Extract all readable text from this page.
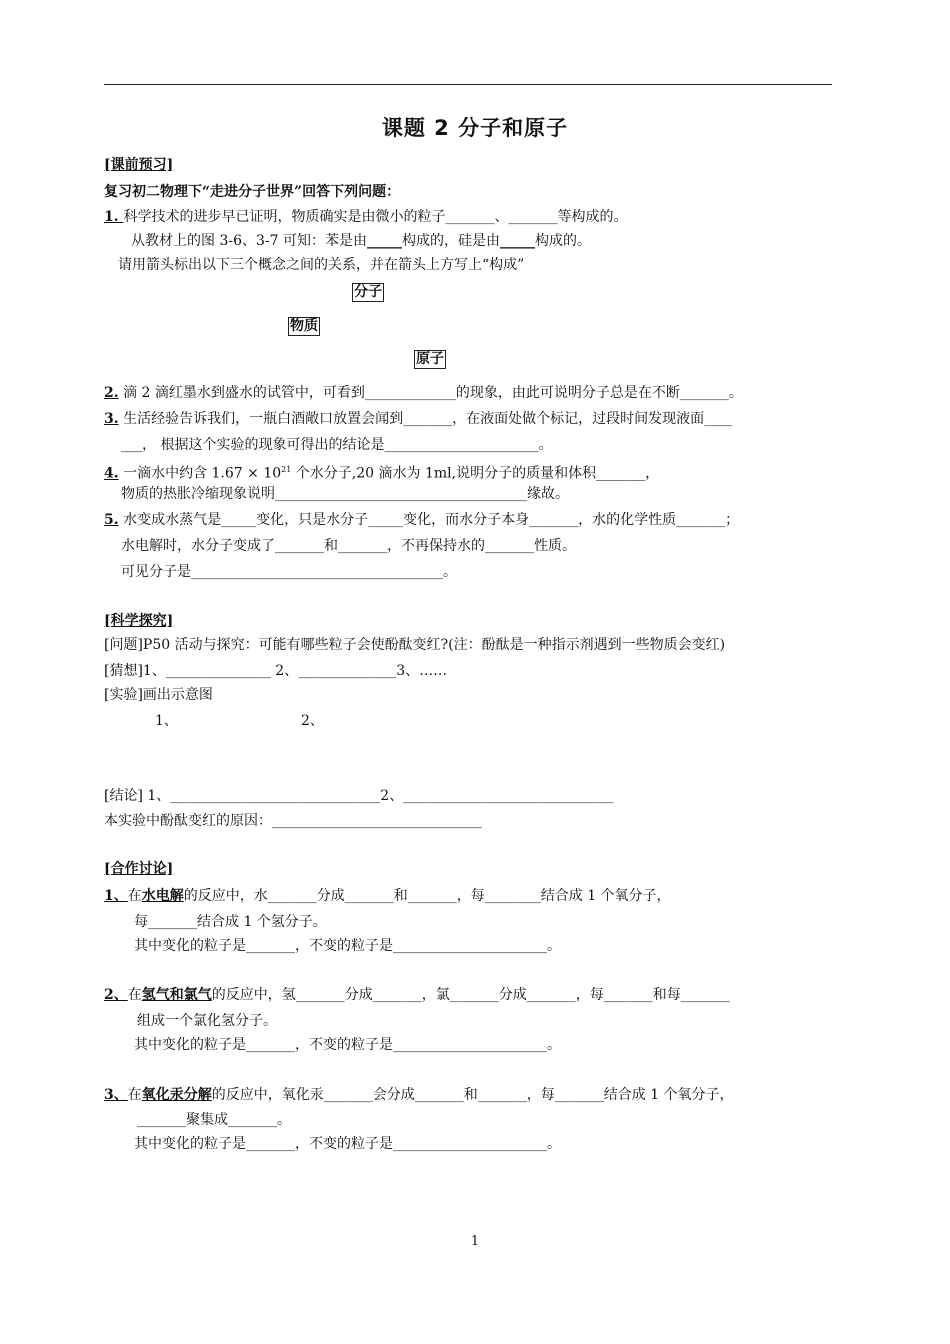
课题 2 分子和原子
[课前预习]
复习初二物理下“走进分子世界”回答下列问题：
1. 科学技术的进步早已证明，物质确实是由微小的粒子_______、_______等构成的。
从教材上的图 3-6、3-7 可知：苯是由_____构成的，硅是由_____构成的。
请用箭头标出以下三个概念之间的关系，并在箭头上方写上“构成”
分子
物质
原子
2. 滴 2 滴红墨水到盛水的试管中，可看到_____________的现象，由此可说明分子总是在不断_______。
3. 生活经验告诉我们，一瓶白酒敞口放置会闻到_______，在液面处做个标记，过段时间发现液面____
___， 根据这个实验的现象可得出的结论是______________________。
4. 一滴水中约含 $1.67 \times 10^{21}$ 个水分子,20 滴水为 1ml,说明分子的质量和体积_______，
物质的热胀冷缩现象说明____________________________________缘故。
5. 水变成水蒸气是_____变化，只是水分子_____变化，而水分子本身_______，水的化学性质_______；
水电解时，水分子变成了_______和_______，不再保持水的_______性质。
可见分子是____________________________________。
[科学探究]
[问题]P50 活动与探究：可能有哪些粒子会使酚酞变红?(注：酚酞是一种指示剂遇到一些物质会变红)
[猜想]1、_______________ 2、______________3、……
[实验]画出示意图
1、	2、
[结论] 1、______________________________2、______________________________
本实验中酚酞变红的原因：______________________________
[合作讨论]
1、在水电解的反应中，水_______分成_______和_______，每________结合成 1 个氧分子，
每_______结合成 1 个氢分子。
其中变化的粒子是_______，不变的粒子是______________________。
2、在氢气和氯气的反应中，氢_______分成_______，氯_______分成_______，每_______和每_______
组成一个氯化氢分子。
其中变化的粒子是_______，不变的粒子是______________________。
3、在氧化汞分解的反应中，氧化汞_______会分成_______和_______，每_______结合成 1 个氧分子，
_______聚集成_______。
其中变化的粒子是_______，不变的粒子是______________________。
1
